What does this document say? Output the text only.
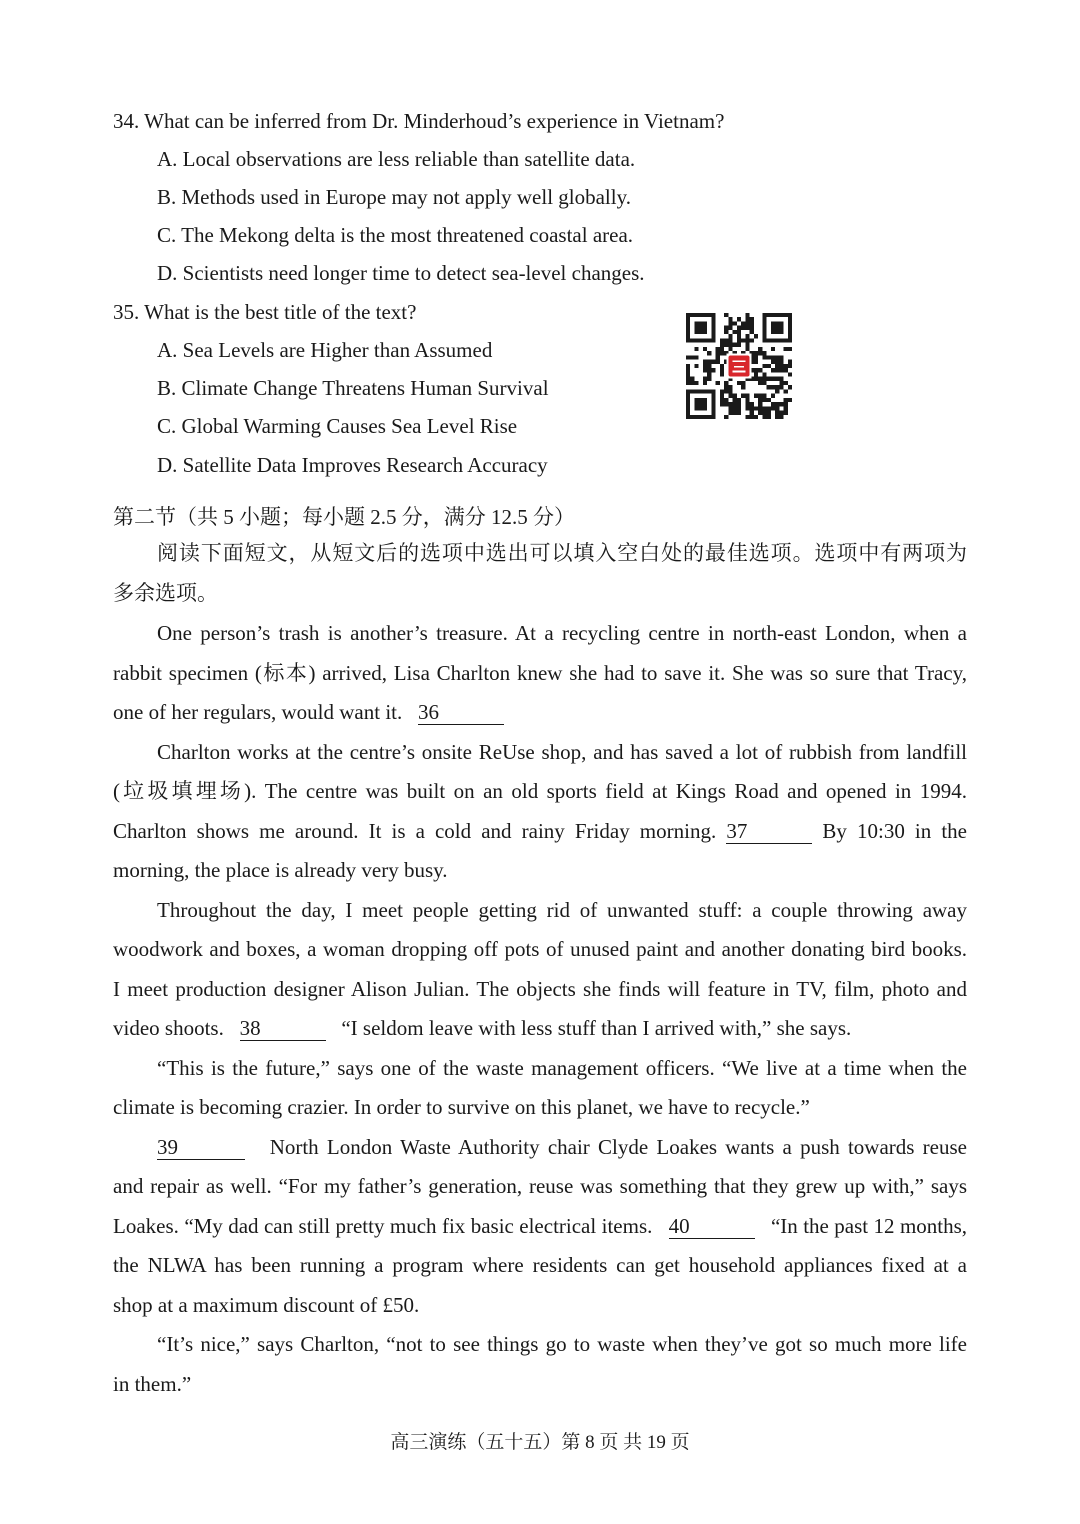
34. What can be inferred from Dr. Minderhoud’s experience in Vietnam?
A. Local observations are less reliable than satellite data.
B. Methods used in Europe may not apply well globally.
C. The Mekong delta is the most threatened coastal area.
D. Scientists need longer time to detect sea-level changes.
35. What is the best title of the text?
A. Sea Levels are Higher than Assumed
B. Climate Change Threatens Human Survival
C. Global Warming Causes Sea Level Rise
D. Satellite Data Improves Research Accuracy
第二节（共 5 小题；每小题 2.5 分，满分 12.5 分）
阅读下面短文，从短文后的选项中选出可以填入空白处的最佳选项。选项中有两项为
多余选项。
One person’s trash is another’s treasure. At a recycling centre in north-east London, when a
rabbit specimen (标本) arrived, Lisa Charlton knew she had to save it. She was so sure that Tracy,
one of her regulars, would want it. 36
Charlton works at the centre’s onsite ReUse shop, and has saved a lot of rubbish from landfill
(垃圾填埋场). The centre was built on an old sports field at Kings Road and opened in 1994.
Charlton shows me around. It is a cold and rainy Friday morning. 37	By 10:30 in the
morning, the place is already very busy.
Throughout the day, I meet people getting rid of unwanted stuff: a couple throwing away
woodwork and boxes, a woman dropping off pots of unused paint and another donating bird books.
I meet production designer Alison Julian. The objects she finds will feature in TV, film, photo and
video shoots. 38	“I seldom leave with less stuff than I arrived with,” she says.
“This is the future,” says one of the waste management officers. “We live at a time when the
climate is becoming crazier. In order to survive on this planet, we have to recycle.”
39	North London Waste Authority chair Clyde Loakes wants a push towards reuse
and repair as well. “For my father’s generation, reuse was something that they grew up with,” says
Loakes. “My dad can still pretty much fix basic electrical items. 40	“In the past 12 months,
the NLWA has been running a program where residents can get household appliances fixed at a
shop at a maximum discount of £50.
“It’s nice,” says Charlton, “not to see things go to waste when they’ve got so much more life
in them.”
高三演练（五十五）第 8 页 共 19 页
